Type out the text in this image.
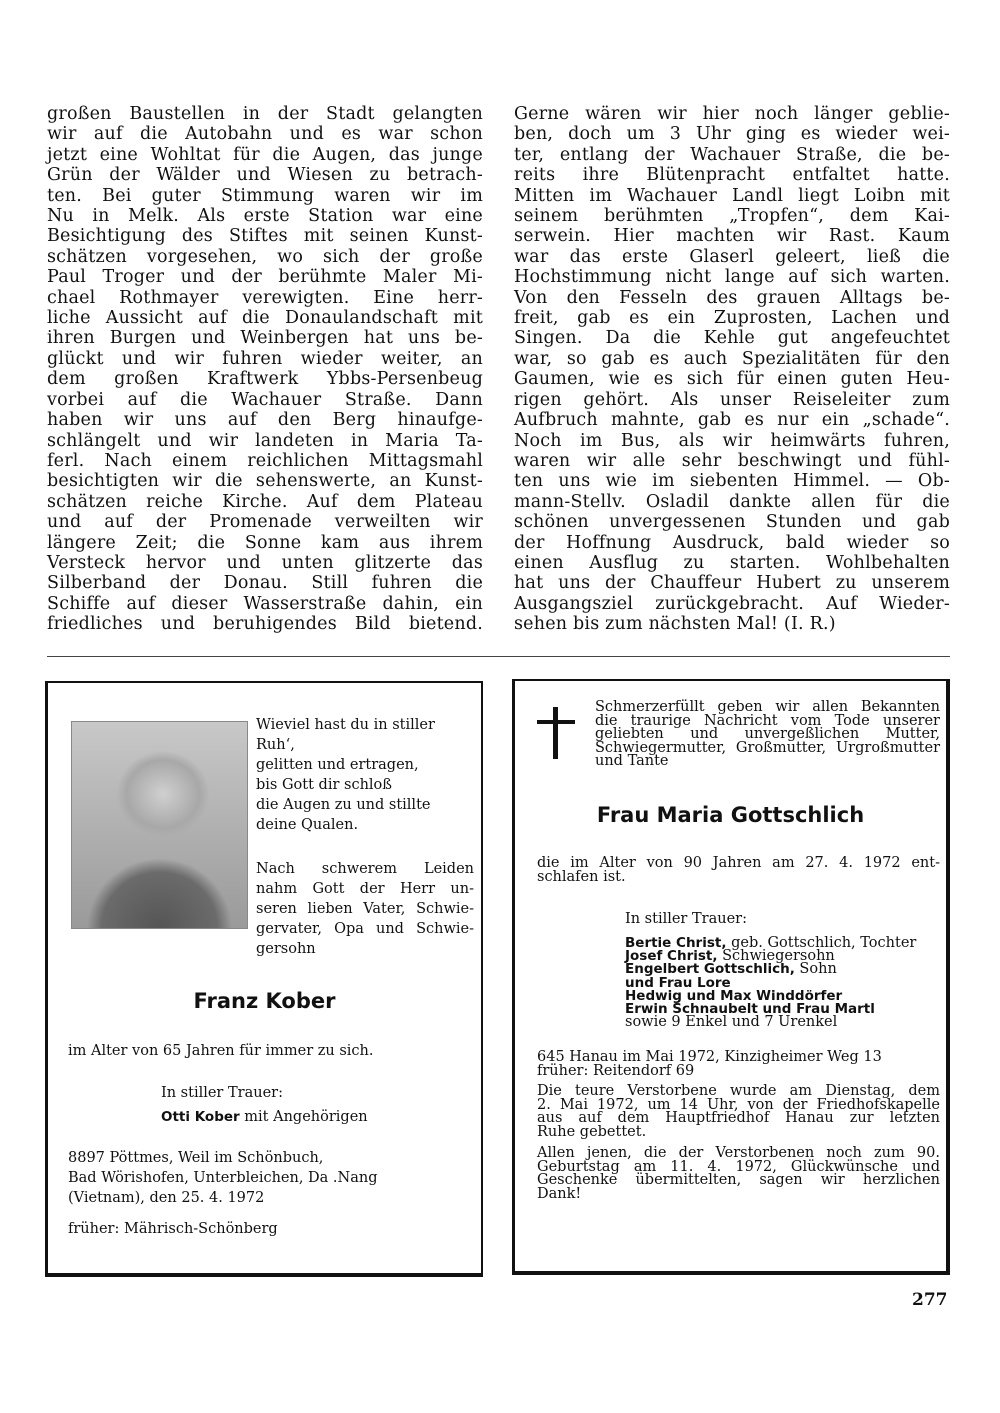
großen Baustellen in der Stadt gelangten
wir auf die Autobahn und es war schon
jetzt eine Wohltat für die Augen, das junge
Grün der Wälder und Wiesen zu betrach-
ten. Bei guter Stimmung waren wir im
Nu in Melk. Als erste Station war eine
Besichtigung des Stiftes mit seinen Kunst-
schätzen vorgesehen, wo sich der große
Paul Troger und der berühmte Maler Mi-
chael Rothmayer verewigten. Eine herr-
liche Aussicht auf die Donaulandschaft mit
ihren Burgen und Weinbergen hat uns be-
glückt und wir fuhren wieder weiter, an
dem großen Kraftwerk Ybbs-Persenbeug
vorbei auf die Wachauer Straße. Dann
haben wir uns auf den Berg hinaufge-
schlängelt und wir landeten in Maria Ta-
ferl. Nach einem reichlichen Mittagsmahl
besichtigten wir die sehenswerte, an Kunst-
schätzen reiche Kirche. Auf dem Plateau
und auf der Promenade verweilten wir
längere Zeit; die Sonne kam aus ihrem
Versteck hervor und unten glitzerte das
Silberband der Donau. Still fuhren die
Schiffe auf dieser Wasserstraße dahin, ein
friedliches und beruhigendes Bild bietend.
Gerne wären wir hier noch länger geblie-
ben, doch um 3 Uhr ging es wieder wei-
ter, entlang der Wachauer Straße, die be-
reits ihre Blütenpracht entfaltet hatte.
Mitten im Wachauer Landl liegt Loibn mit
seinem berühmten „Tropfen“, dem Kai-
serwein. Hier machten wir Rast. Kaum
war das erste Glaserl geleert, ließ die
Hochstimmung nicht lange auf sich warten.
Von den Fesseln des grauen Alltags be-
freit, gab es ein Zuprosten, Lachen und
Singen. Da die Kehle gut angefeuchtet
war, so gab es auch Spezialitäten für den
Gaumen, wie es sich für einen guten Heu-
rigen gehört. Als unser Reiseleiter zum
Aufbruch mahnte, gab es nur ein „schade“.
Noch im Bus, als wir heimwärts fuhren,
waren wir alle sehr beschwingt und fühl-
ten uns wie im siebenten Himmel. — Ob-
mann-Stellv. Osladil dankte allen für die
schönen unvergessenen Stunden und gab
der Hoffnung Ausdruck, bald wieder so
einen Ausflug zu starten. Wohlbehalten
hat uns der Chauffeur Hubert zu unserem
Ausgangsziel zurückgebracht. Auf Wieder-
sehen bis zum nächsten Mal! (I. R.)
Wieviel hast du in stiller
Ruh‘,
gelitten und ertragen,
bis Gott dir schloß
die Augen zu und stillte
deine Qualen.
Nach schwerem Leiden
nahm Gott der Herr un-
seren lieben Vater, Schwie-
gervater, Opa und Schwie-
gersohn
Franz Kober
im Alter von 65 Jahren für immer zu sich.
In stiller Trauer:
Otti Kober mit Angehörigen
8897 Pöttmes, Weil im Schönbuch,
Bad Wörishofen, Unterbleichen, Da .Nang
(Vietnam), den 25. 4. 1972
früher: Mährisch-Schönberg
Schmerzerfüllt geben wir allen Bekannten
die traurige Nachricht vom Tode unserer
geliebten und unvergeßlichen Mutter,
Schwiegermutter, Großmutter, Urgroßmutter
und Tante
Frau Maria Gottschlich
die im Alter von 90 Jahren am 27. 4. 1972 ent-
schlafen ist.
In stiller Trauer:
Bertie Christ, geb. Gottschlich, Tochter
Josef Christ, Schwiegersohn
Engelbert Gottschlich, Sohn
und Frau Lore
Hedwig und Max Winddörfer
Erwin Schnaubelt und Frau Martl
sowie 9 Enkel und 7 Urenkel
645 Hanau im Mai 1972, Kinzigheimer Weg 13
früher: Reitendorf 69
Die teure Verstorbene wurde am Dienstag, dem
2. Mai 1972, um 14 Uhr, von der Friedhofskapelle
aus auf dem Hauptfriedhof Hanau zur letzten
Ruhe gebettet.
Allen jenen, die der Verstorbenen noch zum 90.
Geburtstag am 11. 4. 1972, Glückwünsche und
Geschenke übermittelten, sagen wir herzlichen
Dank!
277
